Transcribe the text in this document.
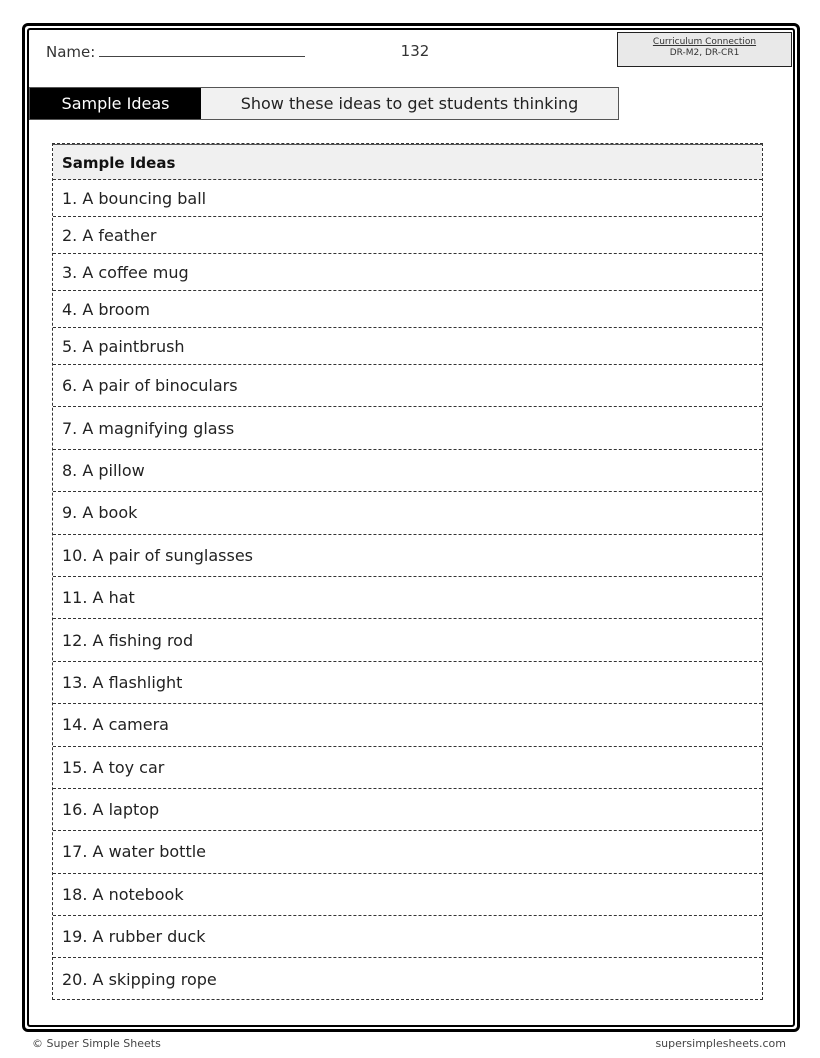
Name:	132	Curriculum Connection
DR-M2, DR-CR1
Sample Ideas	Show these ideas to get students thinking
Sample Ideas
1. A bouncing ball
2. A feather
3. A coffee mug
4. A broom
5. A paintbrush
6. A pair of binoculars
7. A magnifying glass
8. A pillow
9. A book
10. A pair of sunglasses
11. A hat
12. A fishing rod
13. A flashlight
14. A camera
15. A toy car
16. A laptop
17. A water bottle
18. A notebook
19. A rubber duck
20. A skipping rope
© Super Simple Sheets	supersimplesheets.com
